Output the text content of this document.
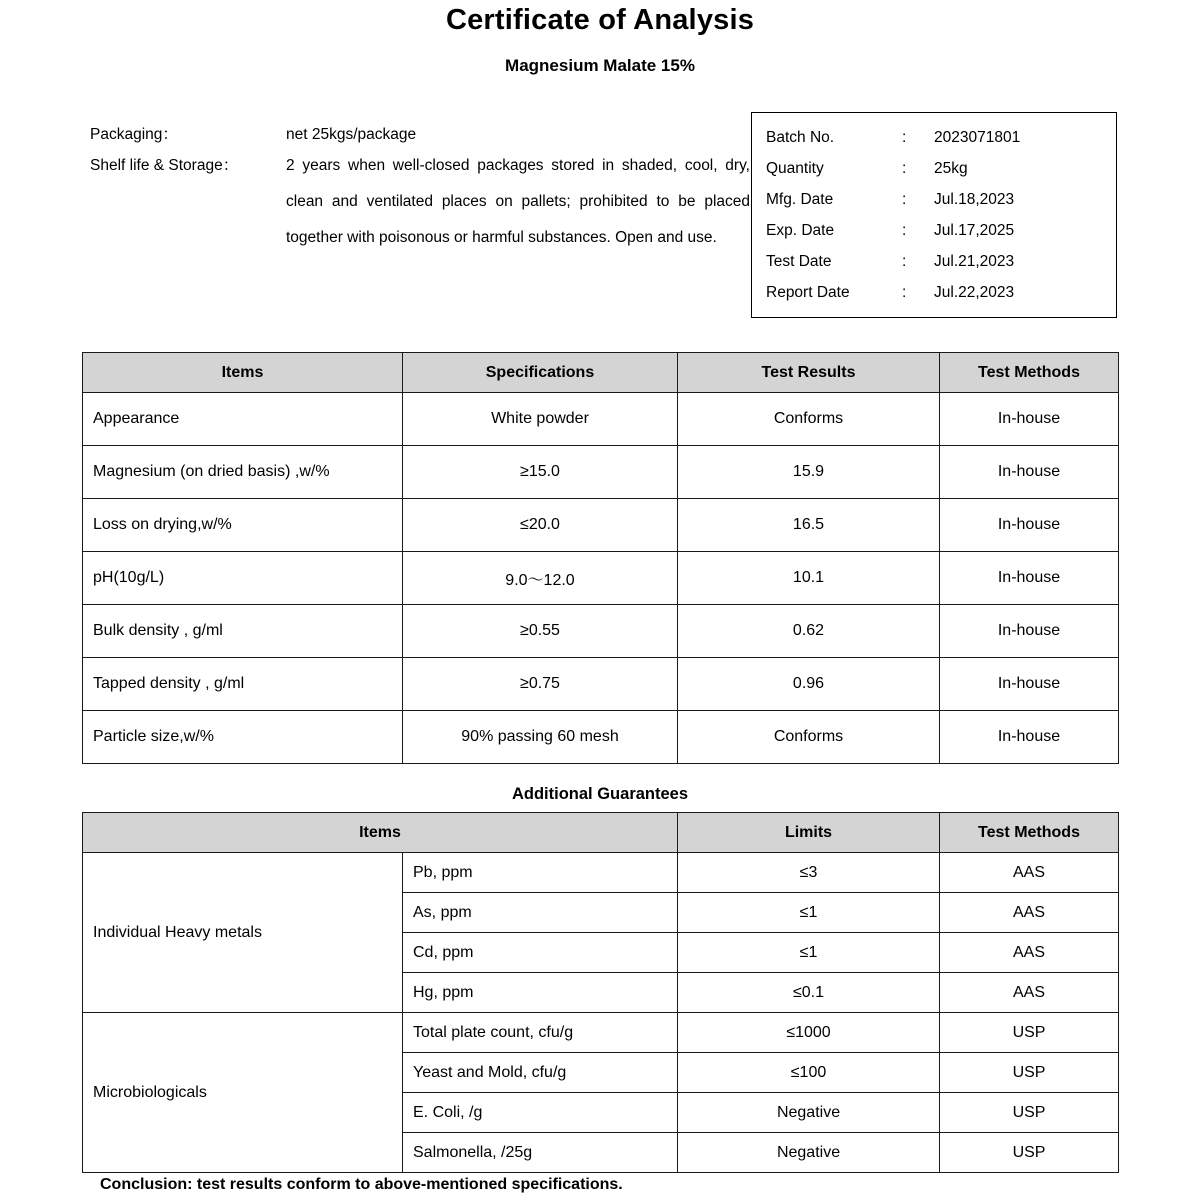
Certificate of Analysis
Magnesium Malate 15%
Packaging：	net 25kgs/package
Shelf life & Storage：	2 years when well-closed packages stored in shaded, cool, dry, clean and ventilated places on pallets; prohibited to be placed together with poisonous or harmful substances. Open and use.
Batch No.	:	2023071801
Quantity	:	25kg
Mfg. Date	:	Jul.18,2023
Exp. Date	:	Jul.17,2025
Test Date	:	Jul.21,2023
Report Date	:	Jul.22,2023
Items	Specifications	Test Results	Test Methods
Appearance	White powder	Conforms	In-house
Magnesium (on dried basis) ,w/%	≥15.0	15.9	In-house
Loss on drying,w/%	≤20.0	16.5	In-house
pH(10g/L)	9.0～12.0	10.1	In-house
Bulk density , g/ml	≥0.55	0.62	In-house
Tapped density , g/ml	≥0.75	0.96	In-house
Particle size,w/%	90% passing 60 mesh	Conforms	In-house
Additional Guarantees
Items		Limits	Test Methods
Individual Heavy metals	Pb, ppm	≤3	AAS
	As, ppm	≤1	AAS
	Cd, ppm	≤1	AAS
	Hg, ppm	≤0.1	AAS
Microbiologicals	Total plate count, cfu/g	≤1000	USP
	Yeast and Mold, cfu/g	≤100	USP
	E. Coli, /g	Negative	USP
	Salmonella, /25g	Negative	USP
Conclusion: test results conform to above-mentioned specifications.
